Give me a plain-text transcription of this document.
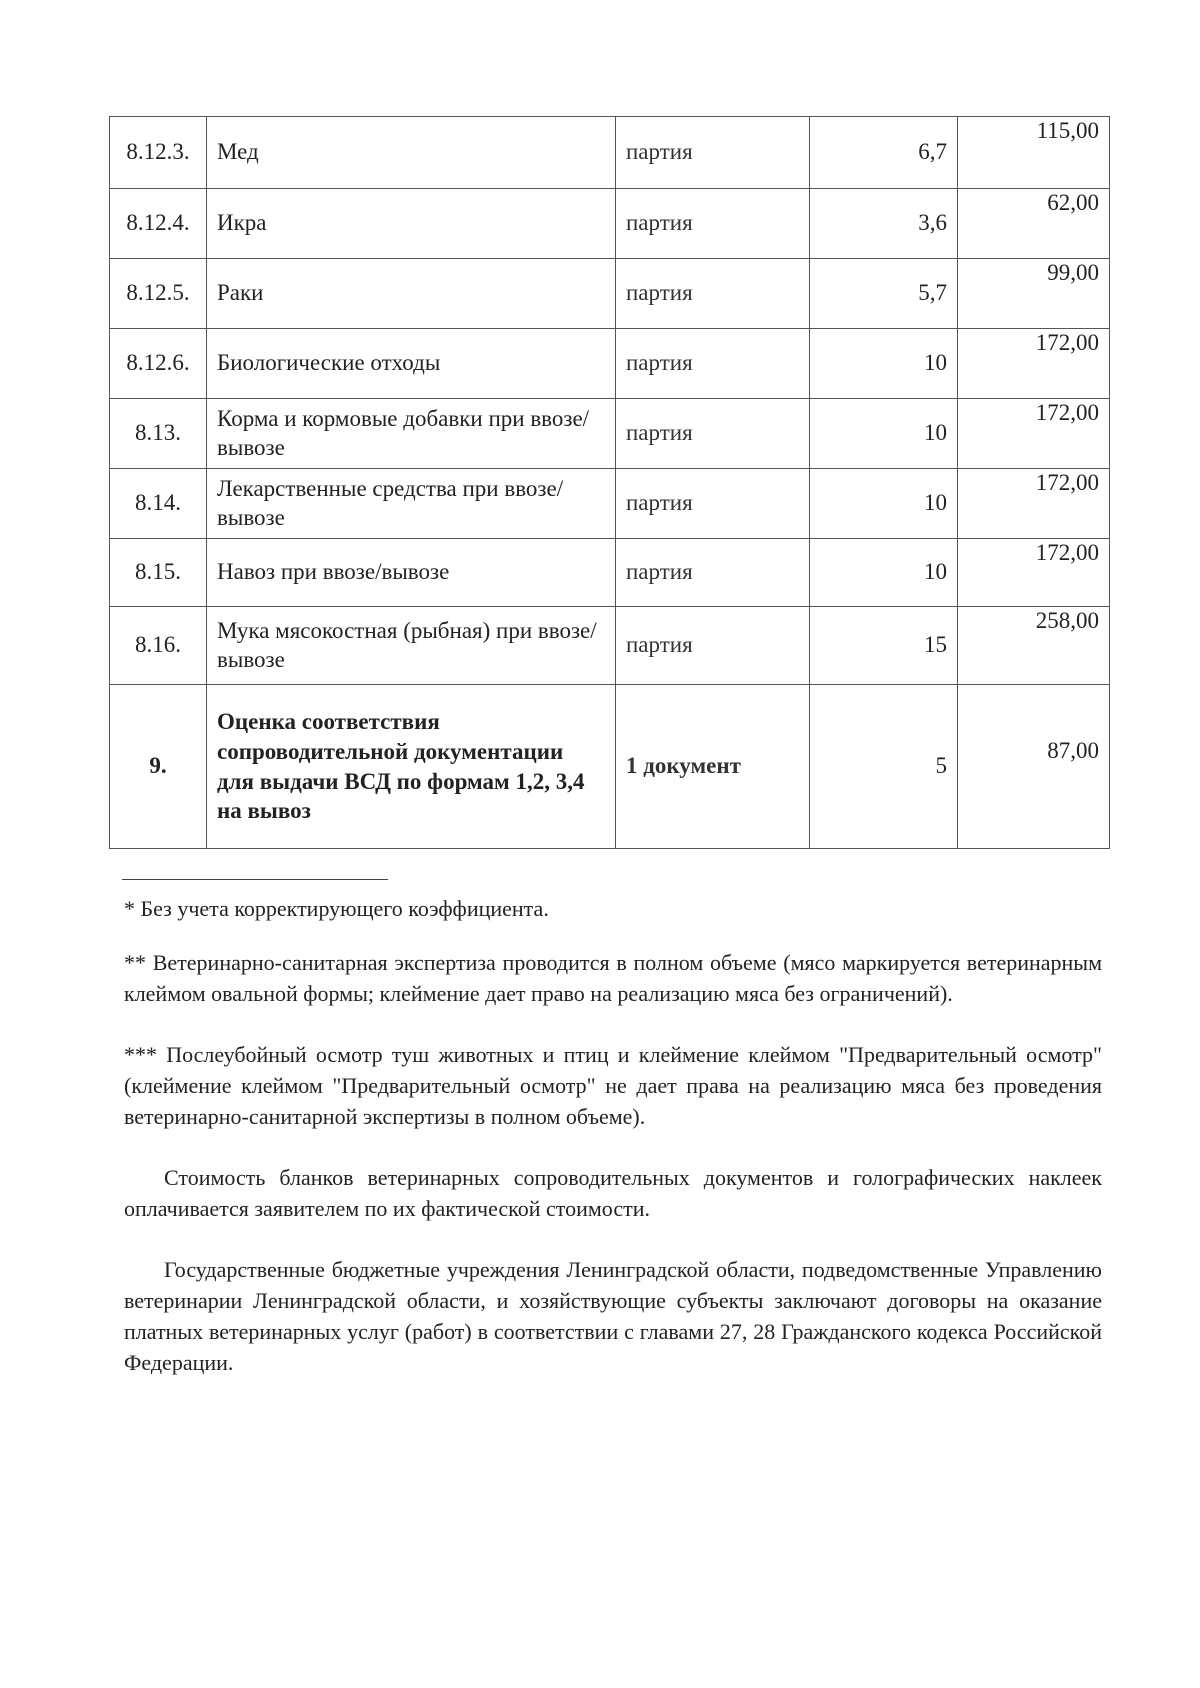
8.12.3.	Мед	партия	6,7	115,00
8.12.4.	Икра	партия	3,6	62,00
8.12.5.	Раки	партия	5,7	99,00
8.12.6.	Биологические отходы	партия	10	172,00
8.13.	Корма и кормовые добавки при ввозе/вывозе	партия	10	172,00
8.14.	Лекарственные средства при ввозе/вывозе	партия	10	172,00
8.15.	Навоз при ввозе/вывозе	партия	10	172,00
8.16.	Мука мясокостная (рыбная) при ввозе/вывозе	партия	15	258,00
9.	Оценка соответствия сопроводительной документации для выдачи ВСД по формам 1,2, 3,4 на вывоз	1 документ	5	87,00

* Без учета корректирующего коэффициента.

** Ветеринарно-санитарная экспертиза проводится в полном объеме (мясо маркируется ветеринарным клеймом овальной формы; клеймение дает право на реализацию мяса без ограничений).

*** Послеубойный осмотр туш животных и птиц и клеймение клеймом "Предварительный осмотр" (клеймение клеймом "Предварительный осмотр" не дает права на реализацию мяса без проведения ветеринарно-санитарной экспертизы в полном объеме).

Стоимость бланков ветеринарных сопроводительных документов и голографических наклеек оплачивается заявителем по их фактической стоимости.

Государственные бюджетные учреждения Ленинградской области, подведомственные Управлению ветеринарии Ленинградской области, и хозяйствующие субъекты заключают договоры на оказание платных ветеринарных услуг (работ) в соответствии с главами 27, 28 Гражданского кодекса Российской Федерации.
